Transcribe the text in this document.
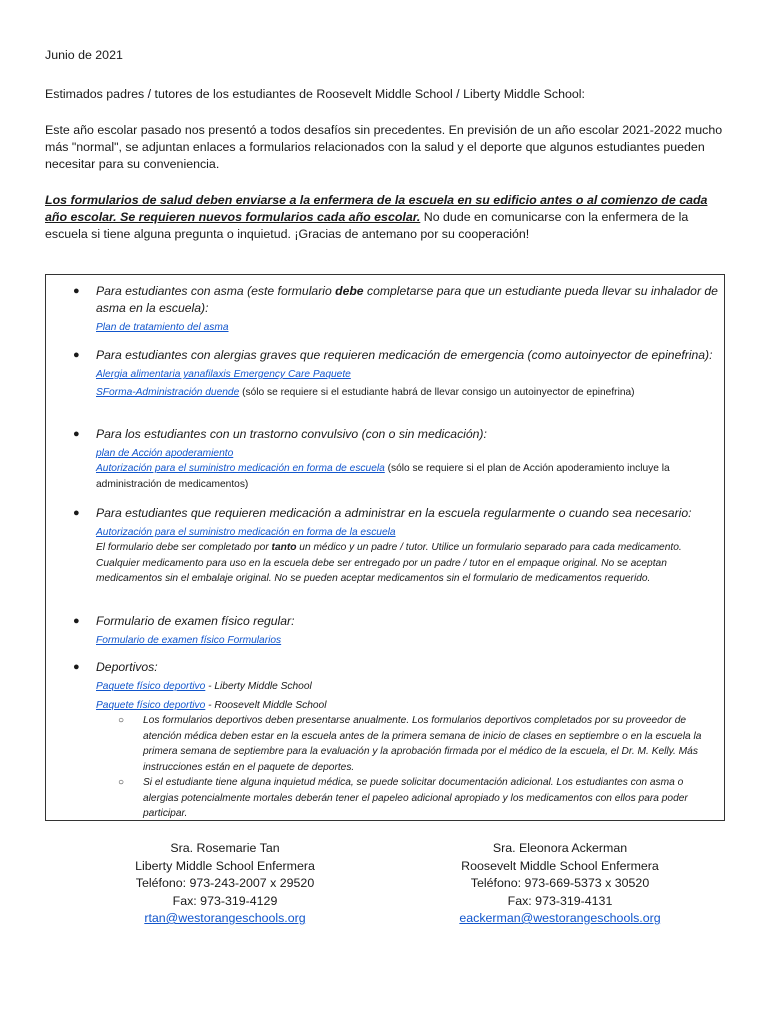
Junio de 2021

Estimados padres / tutores de los estudiantes de Roosevelt Middle School / Liberty Middle School:

Este año escolar pasado nos presentó a todos desafíos sin precedentes. En previsión de un año escolar 2021-2022 mucho más "normal", se adjuntan enlaces a formularios relacionados con la salud y el deporte que algunos estudiantes pueden necesitar para su conveniencia.

Los formularios de salud deben enviarse a la enfermera de la escuela en su edificio antes o al comienzo de cada año escolar. Se requieren nuevos formularios cada año escolar. No dude en comunicarse con la enfermera de la escuela si tiene alguna pregunta o inquietud. ¡Gracias de antemano por su cooperación!

● Para estudiantes con asma (este formulario debe completarse para que un estudiante pueda llevar su inhalador de asma en la escuela):

Plan de tratamiento del asma

● Para estudiantes con alergias graves que requieren medicación de emergencia (como autoinyector de epinefrina):

Alergia alimentaria yanafilaxis Emergency Care Paquete

SForma-Administración duende (sólo se requiere si el estudiante habrá de llevar consigo un autoinyector de epinefrina)

● Para los estudiantes con un trastorno convulsivo (con o sin medicación):

plan de Acción apoderamiento

Autorización para el suministro medicación en forma de escuela (sólo se requiere si el plan de Acción apoderamiento incluye la administración de medicamentos)

● Para estudiantes que requieren medicación a administrar en la escuela regularmente o cuando sea necesario:

Autorización para el suministro medicación en forma de la escuela

El formulario debe ser completado por tanto un médico y un padre / tutor. Utilice un formulario separado para cada medicamento. Cualquier medicamento para uso en la escuela debe ser entregado por un padre / tutor en el empaque original. No se aceptan medicamentos sin el embalaje original. No se pueden aceptar medicamentos sin el formulario de medicamentos requerido.

● Formulario de examen físico regular:

Formulario de examen físico Formularios

● Deportivos:

Paquete físico deportivo - Liberty Middle School

Paquete físico deportivo - Roosevelt Middle School

○ Los formularios deportivos deben presentarse anualmente. Los formularios deportivos completados por su proveedor de atención médica deben estar en la escuela antes de la primera semana de inicio de clases en septiembre o en la escuela la primera semana de septiembre para la evaluación y la aprobación firmada por el médico de la escuela, el Dr. M. Kelly. Más instrucciones están en el paquete de deportes.

○ Si el estudiante tiene alguna inquietud médica, se puede solicitar documentación adicional. Los estudiantes con asma o alergias potencialmente mortales deberán tener el papeleo adicional apropiado y los medicamentos con ellos para poder participar.

Sra. Rosemarie Tan
Liberty Middle School Enfermera
Teléfono: 973-243-2007 x 29520
Fax: 973-319-4129
rtan@westorangeschools.org
Sra. Eleonora Ackerman
Roosevelt Middle School Enfermera
Teléfono: 973-669-5373 x 30520
Fax: 973-319-4131
eackerman@westorangeschools.org
